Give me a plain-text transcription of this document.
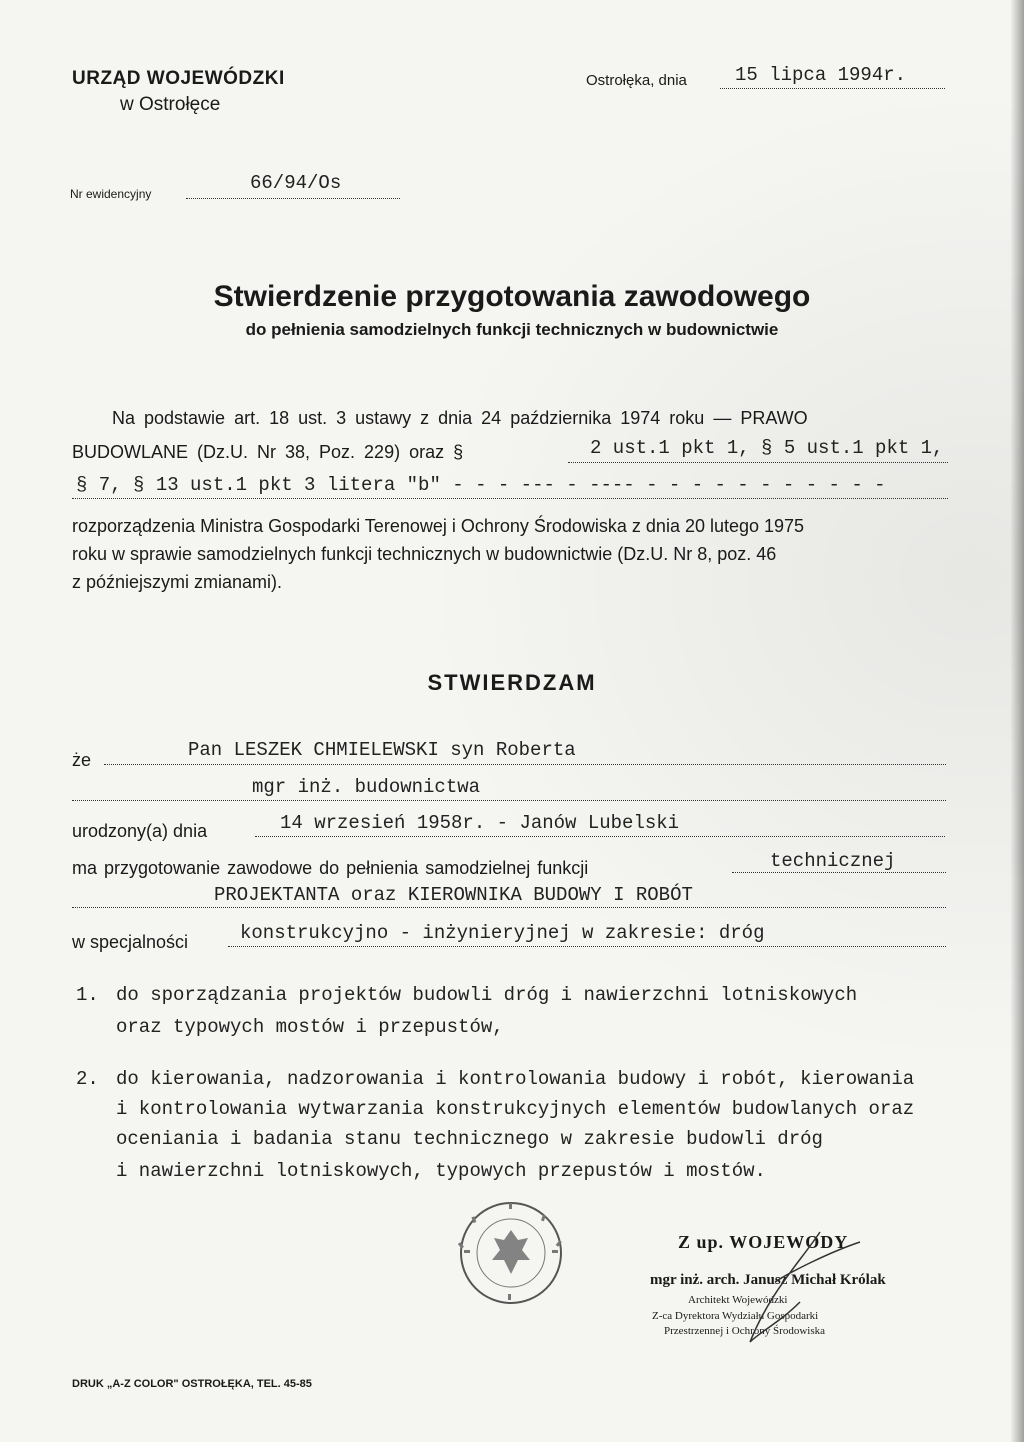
URZĄD WOJEWÓDZKI
w Ostrołęce
Ostrołęka, dnia	15 lipca 1994r.
Nr ewidencyjny	66/94/Os
Stwierdzenie przygotowania zawodowego
do pełnienia samodzielnych funkcji technicznych w budownictwie
Na podstawie art. 18 ust. 3 ustawy z dnia 24 października 1974 roku — PRAWO
BUDOWLANE (Dz.U. Nr 38, Poz. 229) oraz §	2 ust.1 pkt 1, § 5 ust.1 pkt 1,
§ 7, § 13 ust.1 pkt 3 litera "b" - - - --- - ---- - - - - - - - - - - -
rozporządzenia Ministra Gospodarki Terenowej i Ochrony Środowiska z dnia 20 lutego 1975
roku w sprawie samodzielnych funkcji technicznych w budownictwie (Dz.U. Nr 8, poz. 46
z późniejszymi zmianami).
STWIERDZAM
że	Pan LESZEK CHMIELEWSKI syn Roberta
mgr inż. budownictwa
urodzony(a) dnia	14 wrzesień 1958r. - Janów Lubelski
ma przygotowanie zawodowe do pełnienia samodzielnej funkcji	technicznej
PROJEKTANTA oraz KIEROWNIKA BUDOWY I ROBÓT
w specjalności	konstrukcyjno - inżynieryjnej w zakresie: dróg
1. do sporządzania projektów budowli dróg i nawierzchni lotniskowych
oraz typowych mostów i przepustów,
2. do kierowania, nadzorowania i kontrolowania budowy i robót, kierowania
i kontrolowania wytwarzania konstrukcyjnych elementów budowlanych oraz
oceniania i badania stanu technicznego w zakresie budowli dróg
i nawierzchni lotniskowych, typowych przepustów i mostów.
Z up. WOJEWODY
mgr inż. arch. Janusz Michał Królak
Architekt Wojewódzki
Z-ca Dyrektora Wydziału Gospodarki
Przestrzennej i Ochrony Środowiska
DRUK „A-Z COLOR" OSTROŁĘKA, TEL. 45-85
